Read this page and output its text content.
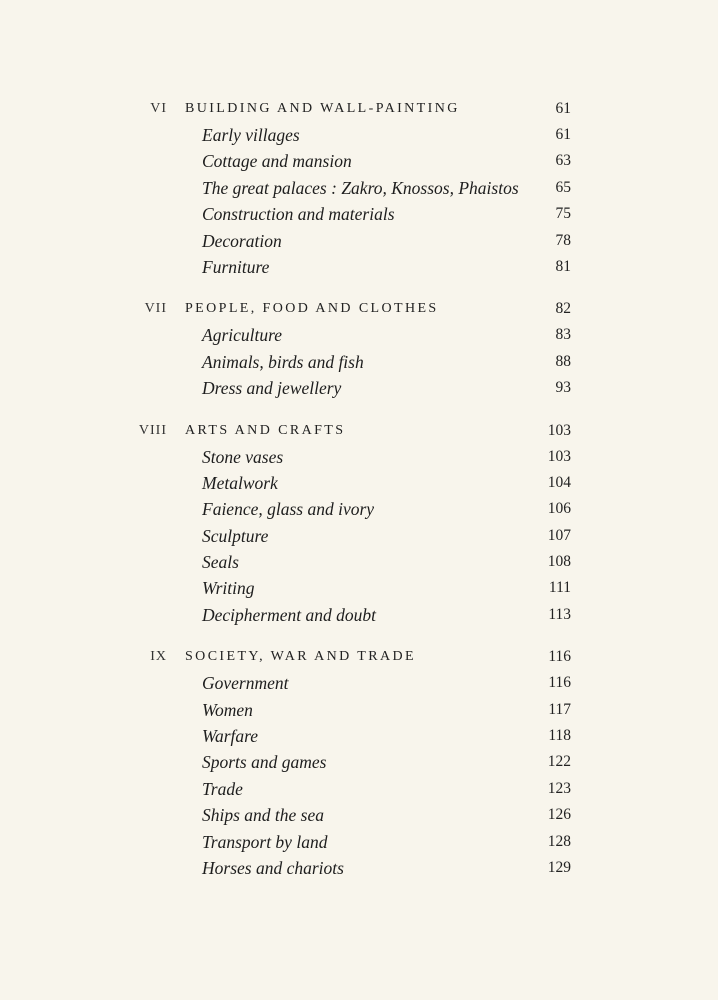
VI BUILDING AND WALL-PAINTING	61
Early villages	61
Cottage and mansion	63
The great palaces : Zakro, Knossos, Phaistos 65
Construction and materials	75
Decoration	78
Furniture	81
VII PEOPLE, FOOD AND CLOTHES	82
Agriculture	83
Animals, birds and fish	88
Dress and jewellery	93
VIII ARTS AND CRAFTS	103
Stone vases	103
Metalwork	104
Faience, glass and ivory	106
Sculpture	107
Seals	108
Writing	111
Decipherment and doubt	113
IX SOCIETY, WAR AND TRADE	116
Government	116
Women	117
Warfare	118
Sports and games	122
Trade	123
Ships and the sea	126
Transport by land	128
Horses and chariots	129
